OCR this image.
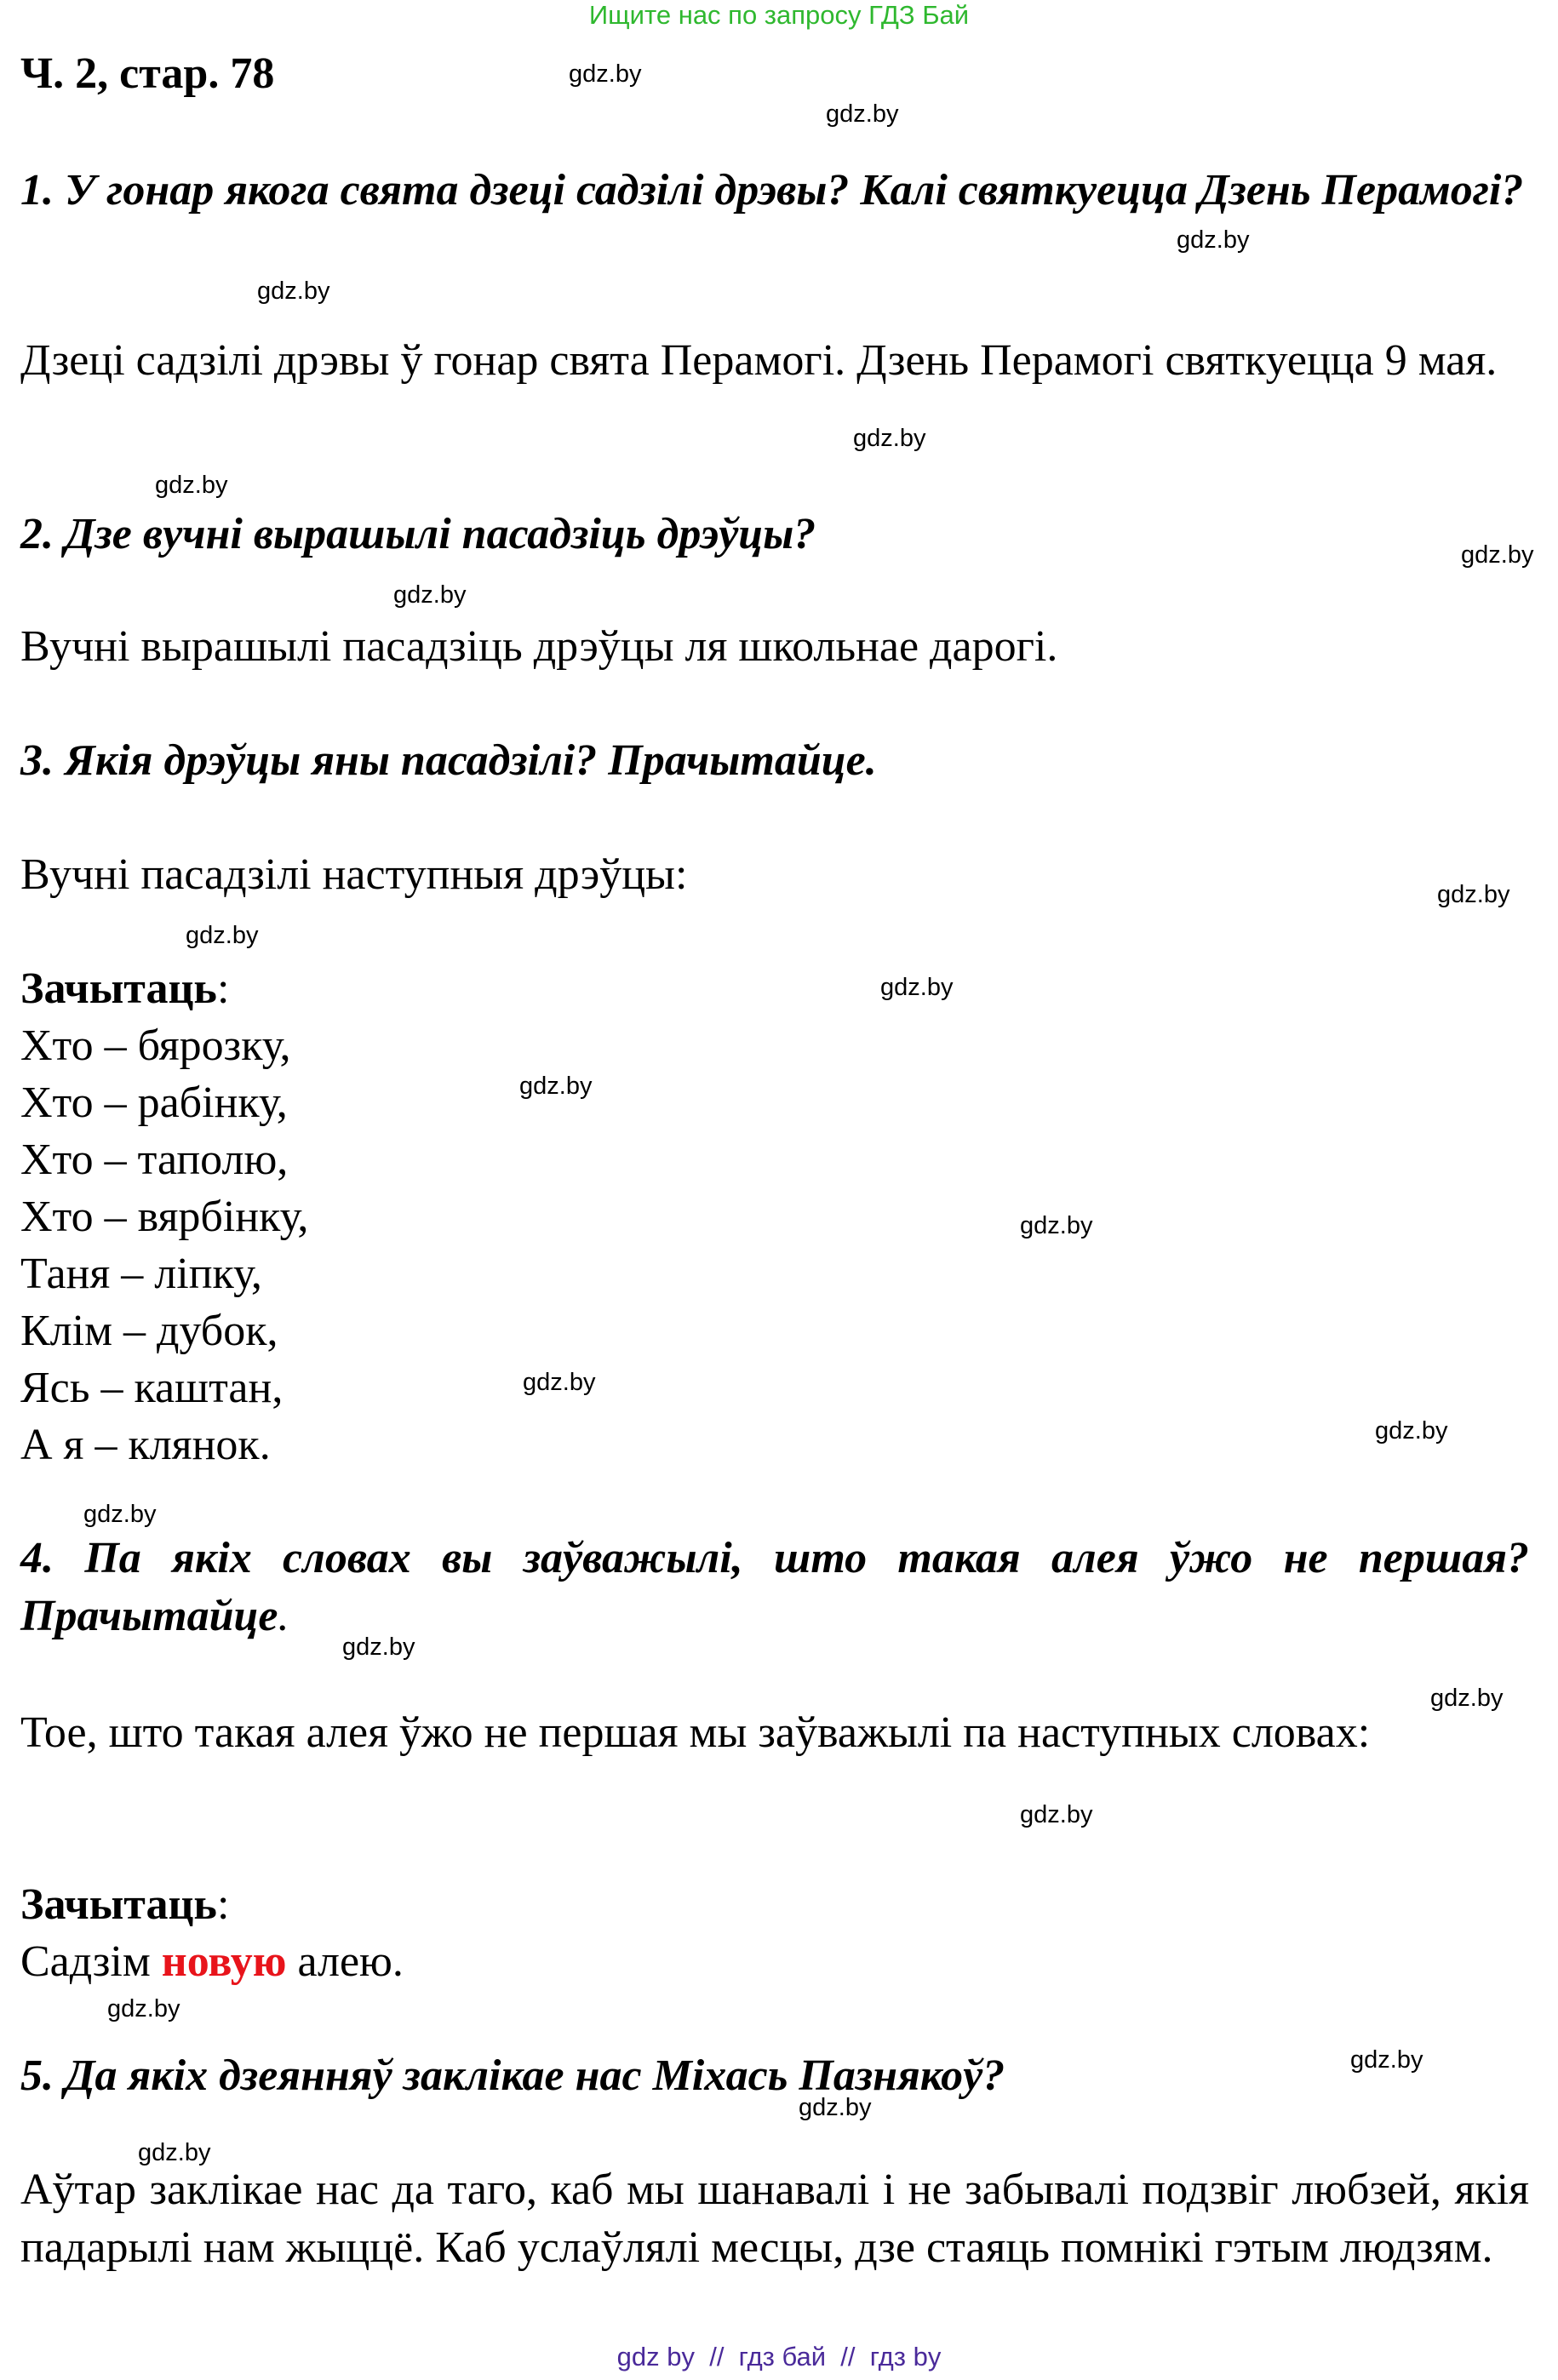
Ищите нас по запросу ГДЗ Бай
Ч. 2, стар. 78
1. У гонар якога свята дзеці садзілі дрэвы? Калі святкуецца Дзень Перамогі?
Дзеці садзілі дрэвы ў гонар свята Перамогі. Дзень Перамогі святкуецца 9 мая.
2. Дзе вучні вырашылі пасадзіць дрэўцы?
Вучні вырашылі пасадзіць дрэўцы ля школьнае дарогі.
3. Якія дрэўцы яны пасадзілі? Прачытайце.
Вучні пасадзілі наступныя дрэўцы:
Зачытаць:
Хто – бярозку,
Хто – рабінку,
Хто – таполю,
Хто – вярбінку,
Таня – ліпку,
Клім – дубок,
Ясь – каштан,
А я – клянок.
4. Па якіх словах вы заўважылі, што такая алея ўжо не першая? Прачытайце.
Тое, што такая алея ўжо не першая мы заўважылі па наступных словах:
Зачытаць:
Садзім новую алею.
5. Да якіх дзеянняў заклікае нас Міхась Пазнякоў?
Аўтар заклікае нас да таго, каб мы шанавалі і не забывалі подзвіг любзей, якія падарылі нам жыццё. Каб услаўлялі месцы, дзе стаяць помнікі гэтым людзям.
gdz.by
gdz.by
gdz.by
gdz.by
gdz.by
gdz.by
gdz.by
gdz.by
gdz.by
gdz.by
gdz.by
gdz.by
gdz.by
gdz.by
gdz.by
gdz.by
gdz.by
gdz.by
gdz.by
gdz.by
gdz.by
gdz.by
gdz.by
gdz by  //  гдз бай  //  гдз by
